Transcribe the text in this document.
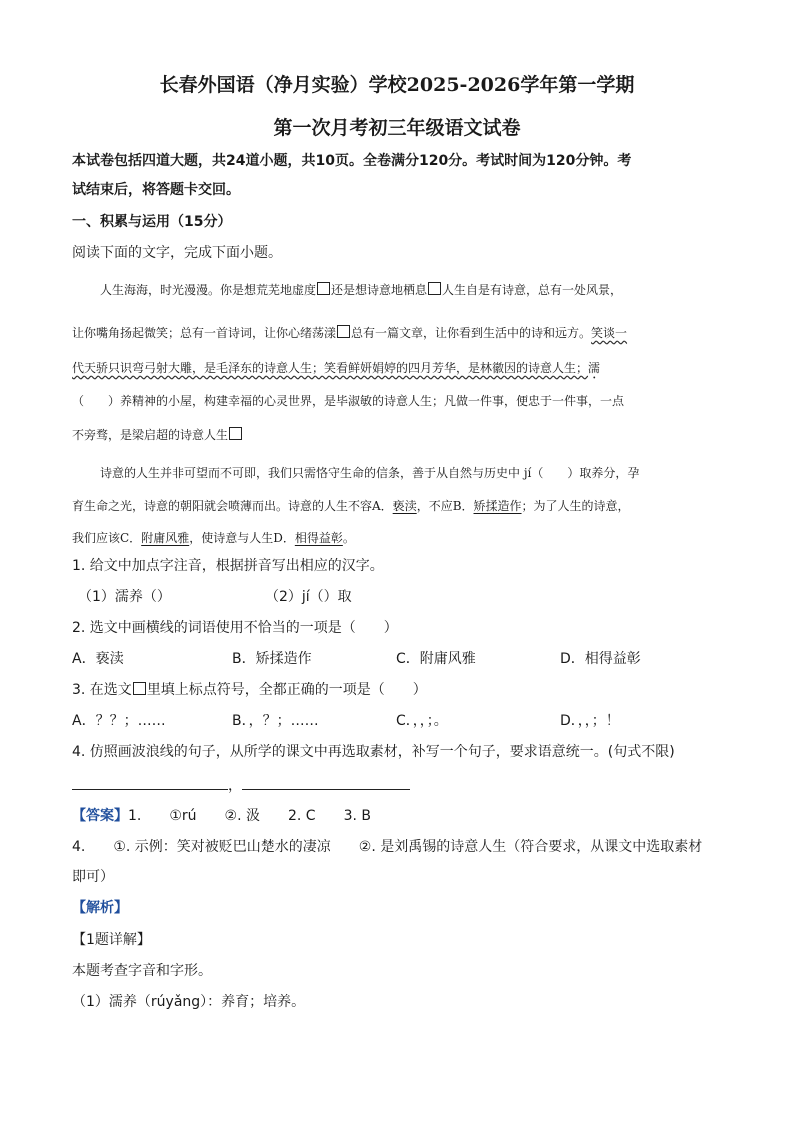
长春外国语（净月实验）学校2025-2026学年第一学期
第一次月考初三年级语文试卷
本试卷包括四道大题，共24道小题，共10页。全卷满分120分。考试时间为120分钟。考
试结束后，将答题卡交回。
一、积累与运用（15分）
阅读下面的文字，完成下面小题。
人生海海，时光漫漫。你是想荒芜地虚度 还是想诗意地栖息 人生自是有诗意，总有一处风景，
让你嘴角扬起微笑；总有一首诗词，让你心绪荡漾 总有一篇文章，让你看到生活中的诗和远方。笑谈一
代天骄只识弯弓射大雕，是毛泽东的诗意人生；笑看鲜妍娟婷的四月芳华，是林徽因的诗意人生；濡
（　　）养精神的小屋，构建幸福的心灵世界，是毕淑敏的诗意人生；凡做一件事，便忠于一件事，一点
不旁骛，是梁启超的诗意人生
诗意的人生并非可望而不可即，我们只需恪守生命的信条，善于从自然与历史中 jí（　　）取养分，孕
育生命之光，诗意的朝阳就会喷薄而出。诗意的人生不容A．亵渎，不应B．矫揉造作；为了人生的诗意，
我们应该C．附庸风雅，使诗意与人生D．相得益彰。
1. 给文中加点字注音，根据拼音写出相应的汉字。
（1）濡养（）	（2）jí（）取
2. 选文中画横线的词语使用不恰当的一项是（　　）
A．亵渎	B．矫揉造作	C．附庸风雅	D．相得益彰
3. 在选文 里填上标点符号，全都正确的一项是（　　）
A．？？；……	B．，？；……	C．，，；。	D．，，；！
4. 仿照画波浪线的句子，从所学的课文中再选取素材，补写一个句子，要求语意统一。(句式不限)
，
【答案】1.　　①rú　　②. 汲　　2. C　　3. B
4.　　①. 示例：笑对被贬巴山楚水的凄凉　　②. 是刘禹锡的诗意人生（符合要求，从课文中选取素材
即可）
【解析】
【1题详解】
本题考查字音和字形。
（1）濡养（rúyǎng）：养育；培养。
